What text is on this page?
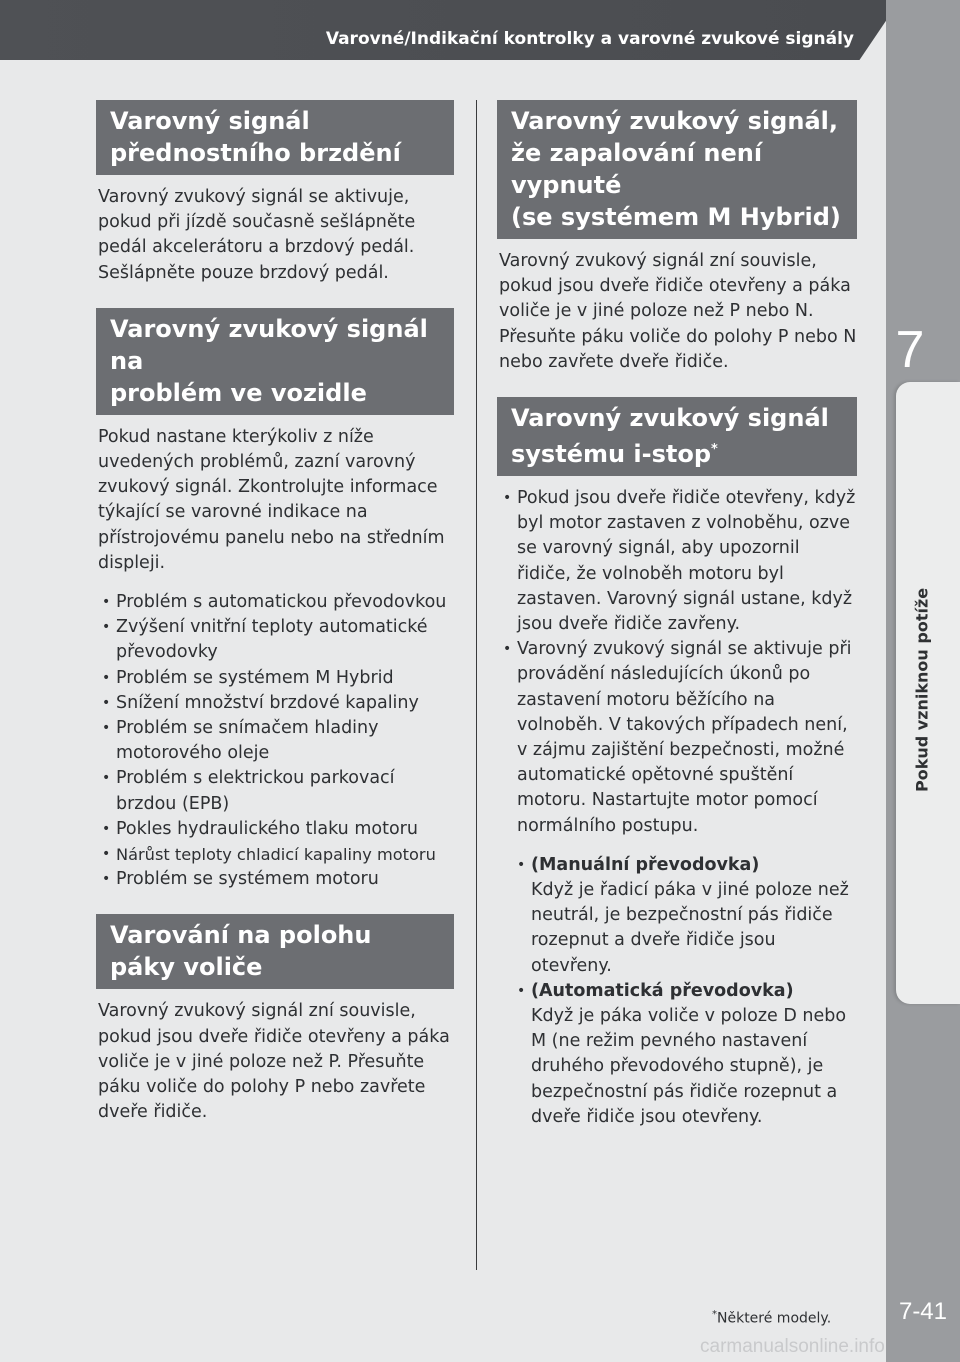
Varovné/Indikační kontrolky a varovné zvukové signály
7
Pokud vzniknou potíže
Varovný signál
přednostního brzdění

Varovný zvukový signál se aktivuje, pokud při jízdě současně sešlápněte pedál akcelerátoru a brzdový pedál. Sešlápněte pouze brzdový pedál.

Varovný zvukový signál na
problém ve vozidle

Pokud nastane kterýkoliv z níže uvedených problémů, zazní varovný zvukový signál. Zkontrolujte informace týkající se varovné indikace na přístrojovému panelu nebo na středním displeji.

• Problém s automatickou převodovkou
• Zvýšení vnitřní teploty automatické převodovky
• Problém se systémem M Hybrid
• Snížení množství brzdové kapaliny
• Problém se snímačem hladiny motorového oleje
• Problém s elektrickou parkovací brzdou (EPB)
• Pokles hydraulického tlaku motoru
• Nárůst teploty chladicí kapaliny motoru
• Problém se systémem motoru
Varování na polohu
páky voliče

Varovný zvukový signál zní souvisle, pokud jsou dveře řidiče otevřeny a páka voliče je v jiné poloze než P. Přesuňte páku voliče do polohy P nebo zavřete dveře řidiče.

Varovný zvukový signál,
že zapalování není vypnuté
(se systémem M Hybrid)

Varovný zvukový signál zní souvisle, pokud jsou dveře řidiče otevřeny a páka voliče je v jiné poloze než P nebo N. Přesuňte páku voliče do polohy P nebo N nebo zavřete dveře řidiče.

Varovný zvukový signál
systému i-stop*
• Pokud jsou dveře řidiče otevřeny, když byl motor zastaven z volnoběhu, ozve se varovný signál, aby upozornil řidiče, že volnoběh motoru byl zastaven. Varovný signál ustane, když jsou dveře řidiče zavřeny.
• Varovný zvukový signál se aktivuje při provádění následujících úkonů po zastavení motoru běžícího na volnoběh. V takových případech není, v zájmu zajištění bezpečnosti, možné automatické opětovné spuštění motoru. Nastartujte motor pomocí normálního postupu.
• (Manuální převodovka)
Když je řadicí páka v jiné poloze než neutrál, je bezpečnostní pás řidiče rozepnut a dveře řidiče jsou otevřeny.
• (Automatická převodovka)
Když je páka voliče v poloze D nebo M (ne režim pevného nastavení druhého převodového stupně), je bezpečnostní pás řidiče rozepnut a dveře řidiče jsou otevřeny.
*Některé modely.	7-41
carmanualsonline.info
